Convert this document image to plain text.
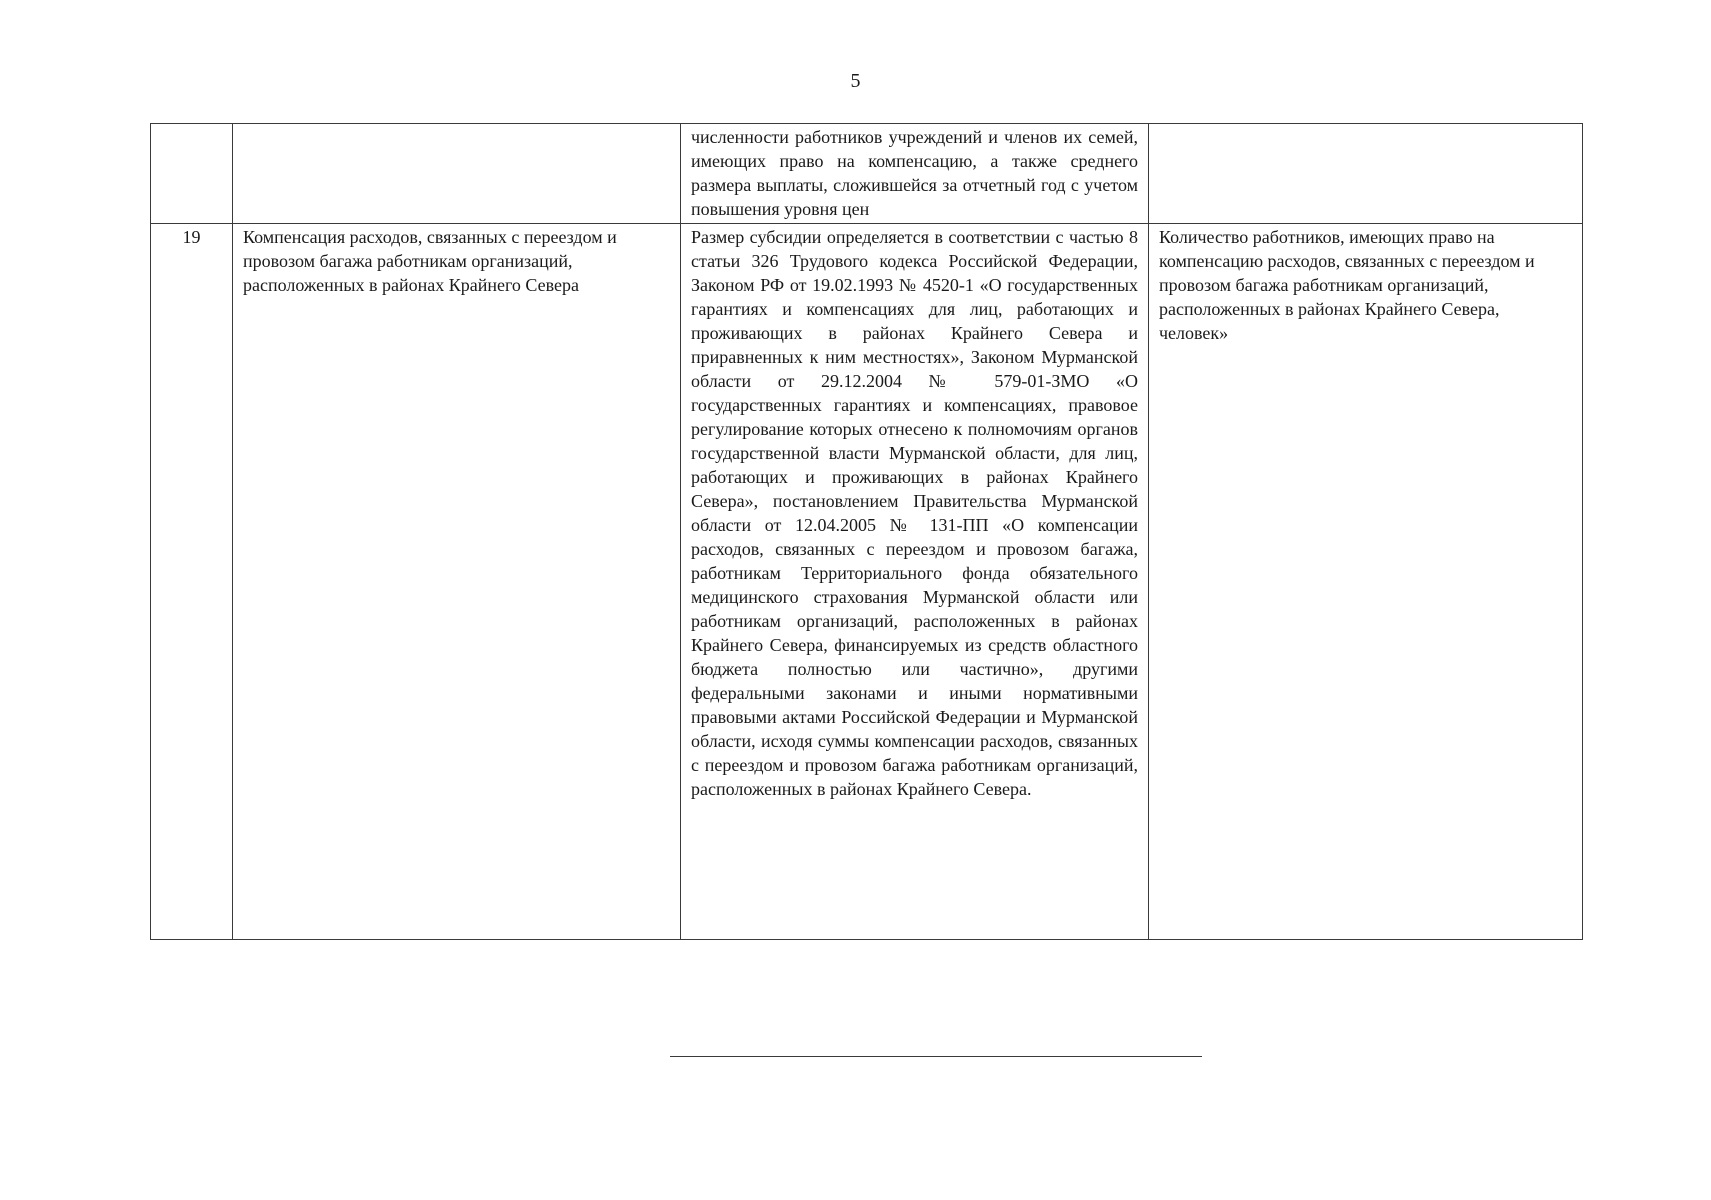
5
		численности работников учреждений и членов их семей, имеющих право на компенсацию, а также среднего размера выплаты, сложившейся за отчетный год с учетом повышения уровня цен	
19	Компенсация расходов, связанных с переездом и провозом багажа работникам организаций, расположенных в районах Крайнего Севера	Размер субсидии определяется в соответствии с частью 8 статьи 326 Трудового кодекса Российской Федерации, Законом РФ от 19.02.1993 № 4520-1 «О государственных гарантиях и компенсациях для лиц, работающих и проживающих в районах Крайнего Севера и приравненных к ним местностях», Законом Мурманской области от 29.12.2004 № 579-01-ЗМО «О государственных гарантиях и компенсациях, правовое регулирование которых отнесено к полномочиям органов государственной власти Мурманской области, для лиц, работающих и проживающих в районах Крайнего Севера», постановлением Правительства Мурманской области от 12.04.2005 № 131-ПП «О компенсации расходов, связанных с переездом и провозом багажа, работникам Территориального фонда обязательного медицинского страхования Мурманской области или работникам организаций, расположенных в районах Крайнего Севера, финансируемых из средств областного бюджета полностью или частично», другими федеральными законами и иными нормативными правовыми актами Российской Федерации и Мурманской области, исходя суммы компенсации расходов, связанных с переездом и провозом багажа работникам организаций, расположенных в районах Крайнего Севера.	Количество работников, имеющих право на компенсацию расходов, связанных с переездом и провозом багажа работникам организаций, расположенных в районах Крайнего Севера, человек»
